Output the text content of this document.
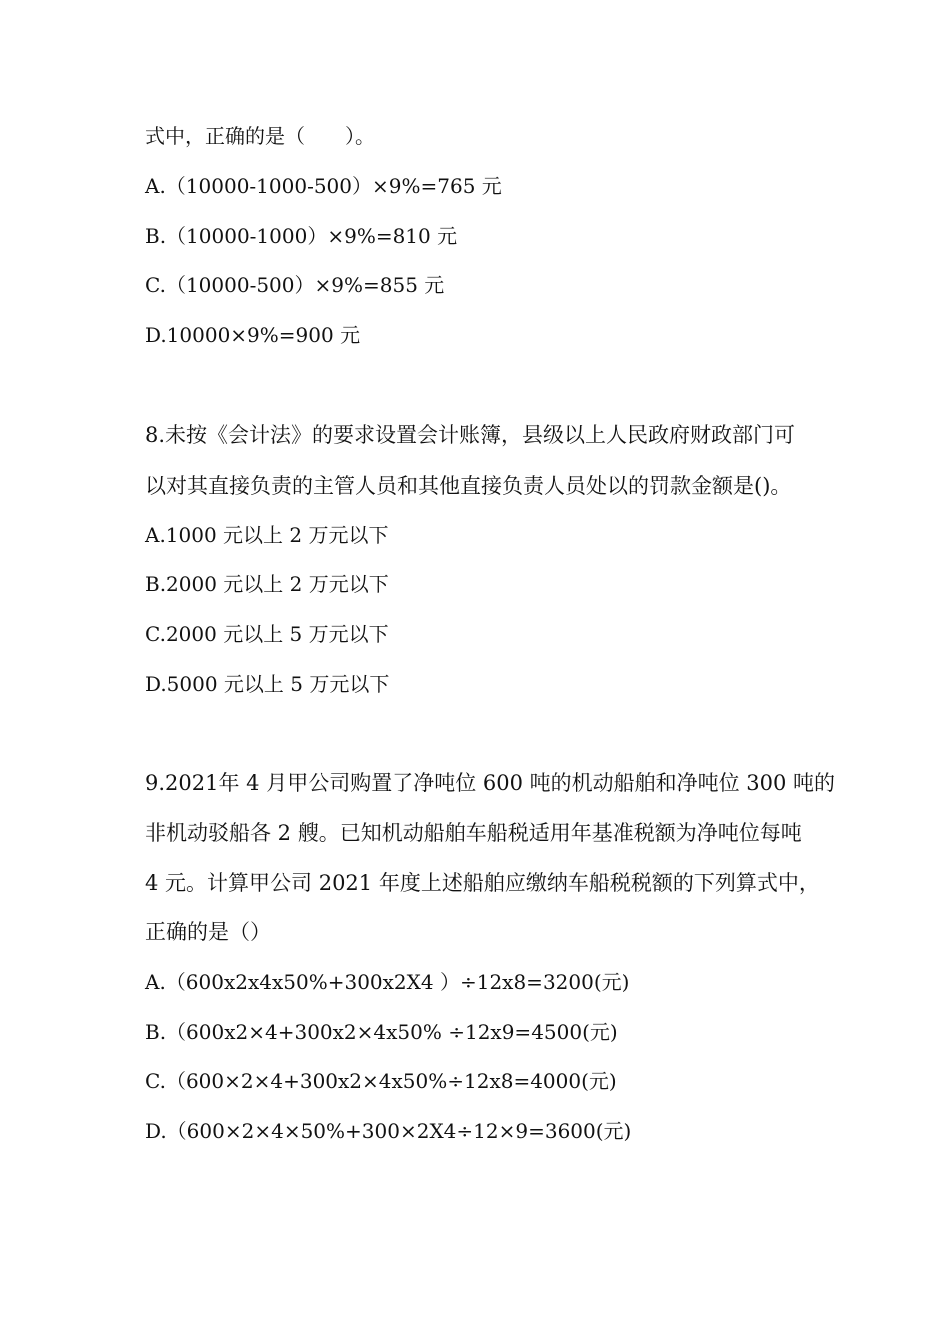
式中，正确的是（　　）。
A.（10000-1000-500）×9%=765 元
B.（10000-1000）×9%=810 元
C.（10000-500）×9%=855 元
D.10000×9%=900 元
8.未按《会计法》的要求设置会计账簿，县级以上人民政府财政部门可
以对其直接负责的主管人员和其他直接负责人员处以的罚款金额是()。
A.1000 元以上 2 万元以下
B.2000 元以上 2 万元以下
C.2000 元以上 5 万元以下
D.5000 元以上 5 万元以下
9.2021年 4 月甲公司购置了净吨位 600 吨的机动船舶和净吨位 300 吨的
非机动驳船各 2 艘。已知机动船舶车船税适用年基准税额为净吨位每吨
4 元。计算甲公司 2021 年度上述船舶应缴纳车船税税额的下列算式中，
正确的是（）
A.（600x2x4x50%+300x2X4 ）÷12x8=3200(元)
B.（600x2×4+300x2×4x50% ÷12x9=4500(元)
C.（600×2×4+300x2×4x50%÷12x8=4000(元)
D.（600×2×4×50%+300×2X4÷12×9=3600(元)
